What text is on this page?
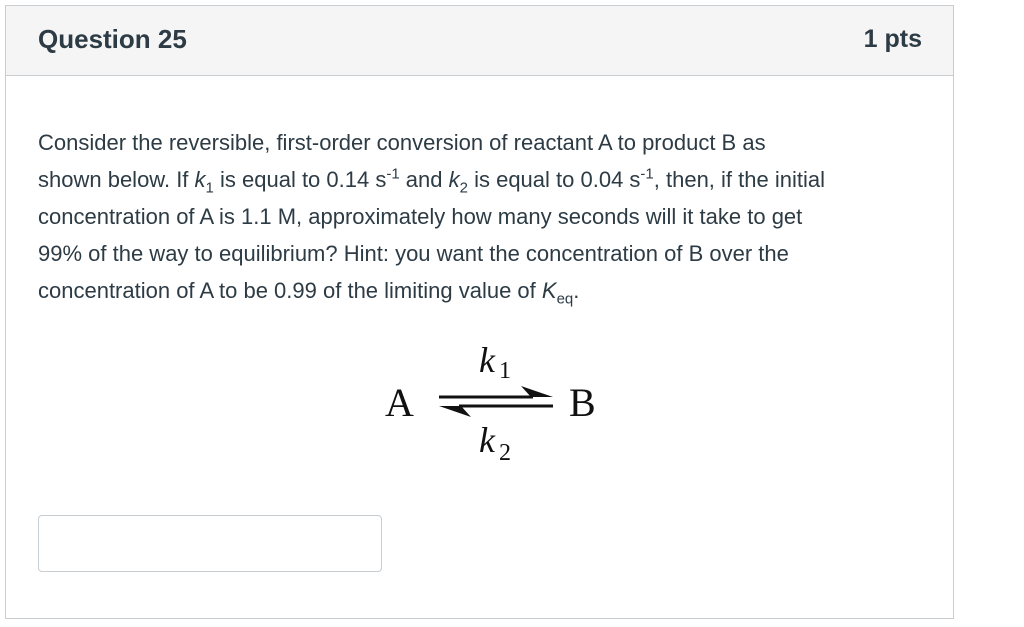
Question 25	1 pts
Consider the reversible, first-order conversion of reactant A to product B as
shown below. If $k_1$ is equal to 0.14 $s^{-1}$ and $k_2$ is equal to 0.04 $s^{-1}$, then, if the initial
concentration of A is 1.1 M, approximately how many seconds will it take to get
99% of the way to equilibrium? Hint: you want the concentration of B over the
concentration of A to be 0.99 of the limiting value of $K_{eq}$.
A	B
k 1
k 2
